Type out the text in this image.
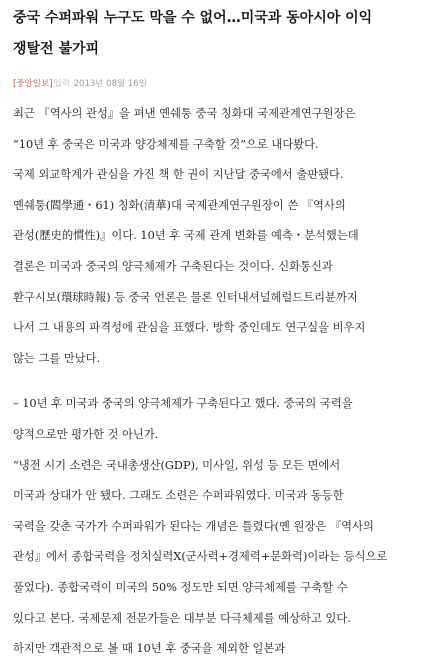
중국 수퍼파워 누구도 막을 수 없어…미국과 동아시아 이익
쟁탈전 불가피
[중앙일보]입력 2013년 08월 16일
최근 『역사의 관성』을 펴낸 옌쉐퉁 중국 칭화대 국제관계연구원장은
“10년 후 중국은 미국과 양강체제를 구축할 것”으로 내다봤다.
국제 외교학계가 관심을 가진 책 한 권이 지난달 중국에서 출판됐다.
옌쉐퉁(閻學通・61) 칭화(清華)대 국제관계연구원장이 쓴 『역사의
관성(歷史的慣性)』이다. 10년 후 국제 관계 변화를 예측・분석했는데
결론은 미국과 중국의 양극체제가 구축된다는 것이다. 신화통신과
환구시보(環球時報) 등 중국 언론은 물론 인터내셔널헤럴드트리뷴까지
나서 그 내용의 파격성에 관심을 표했다. 방학 중인데도 연구실을 비우지
않는 그를 만났다.
– 10년 후 미국과 중국의 양극체제가 구축된다고 했다. 중국의 국력을
양적으로만 평가한 것 아닌가.
“냉전 시기 소련은 국내총생산(GDP), 미사일, 위성 등 모든 면에서
미국과 상대가 안 됐다. 그래도 소련은 수퍼파워였다. 미국과 동등한
국력을 갖춘 국가가 수퍼파워가 된다는 개념은 틀렸다(옌 원장은 『역사의
관성』에서 종합국력을 정치실력Ⅹ(군사력+경제력+문화력)이라는 등식으로
풀었다). 종합국력이 미국의 50% 정도만 되면 양극체제를 구축할 수
있다고 본다. 국제문제 전문가들은 대부분 다극체제를 예상하고 있다.
하지만 객관적으로 볼 때 10년 후 중국을 제외한 일본과
